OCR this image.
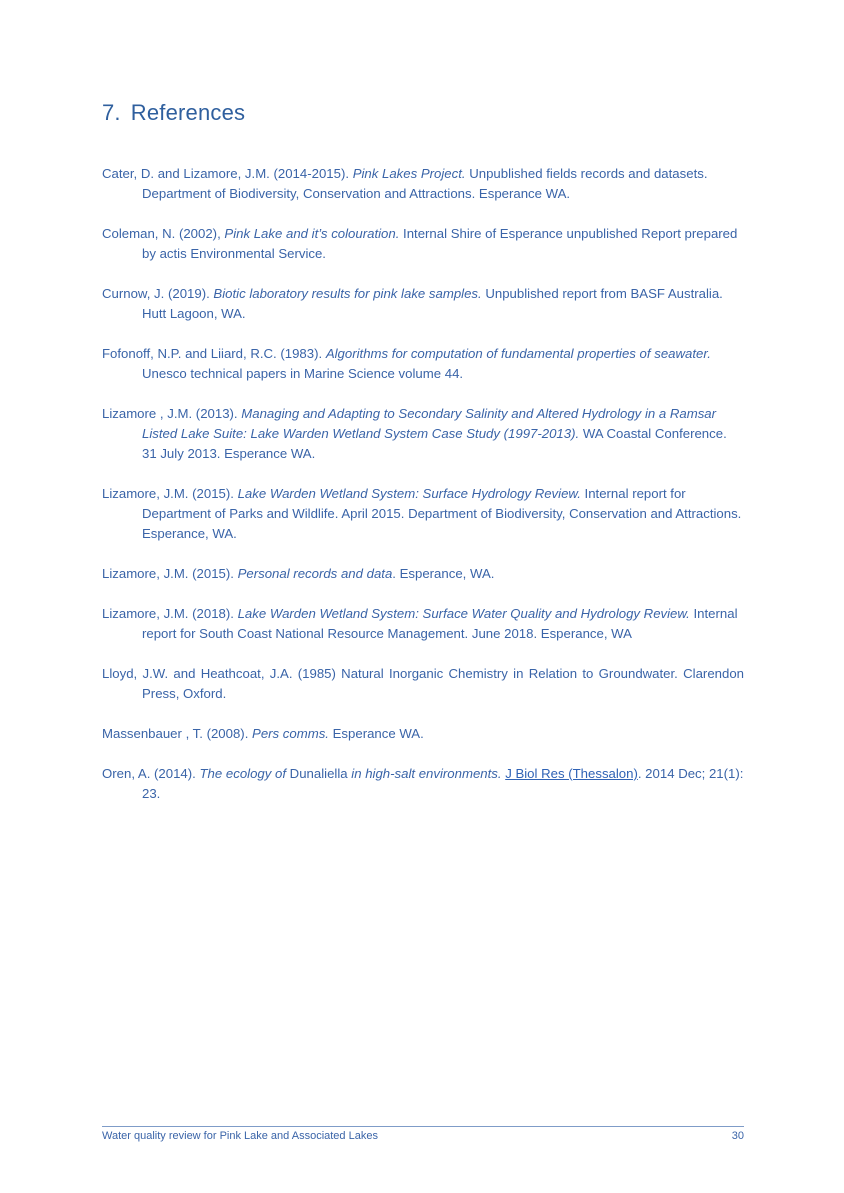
7. References

Cater, D. and Lizamore, J.M. (2014-2015). Pink Lakes Project. Unpublished fields records and datasets. Department of Biodiversity, Conservation and Attractions. Esperance WA.

Coleman, N. (2002), Pink Lake and it’s colouration. Internal Shire of Esperance unpublished Report prepared by actis Environmental Service.

Curnow, J. (2019). Biotic laboratory results for pink lake samples. Unpublished report from BASF Australia. Hutt Lagoon, WA.

Fofonoff, N.P. and Liiard, R.C. (1983). Algorithms for computation of fundamental properties of seawater. Unesco technical papers in Marine Science volume 44.

Lizamore , J.M. (2013). Managing and Adapting to Secondary Salinity and Altered Hydrology in a Ramsar Listed Lake Suite: Lake Warden Wetland System Case Study (1997-2013). WA Coastal Conference. 31 July 2013. Esperance WA.

Lizamore, J.M. (2015). Lake Warden Wetland System: Surface Hydrology Review. Internal report for Department of Parks and Wildlife. April 2015. Department of Biodiversity, Conservation and Attractions. Esperance, WA.

Lizamore, J.M. (2015). Personal records and data. Esperance, WA.

Lizamore, J.M. (2018). Lake Warden Wetland System: Surface Water Quality and Hydrology Review. Internal report for South Coast National Resource Management. June 2018. Esperance, WA

Lloyd, J.W. and Heathcoat, J.A. (1985) Natural Inorganic Chemistry in Relation to Groundwater. Clarendon Press, Oxford.

Massenbauer , T. (2008). Pers comms. Esperance WA.

Oren, A. (2014). The ecology of Dunaliella in high-salt environments. J Biol Res (Thessalon). 2014 Dec; 21(1): 23.

Water quality review for Pink Lake and Associated Lakes	30
